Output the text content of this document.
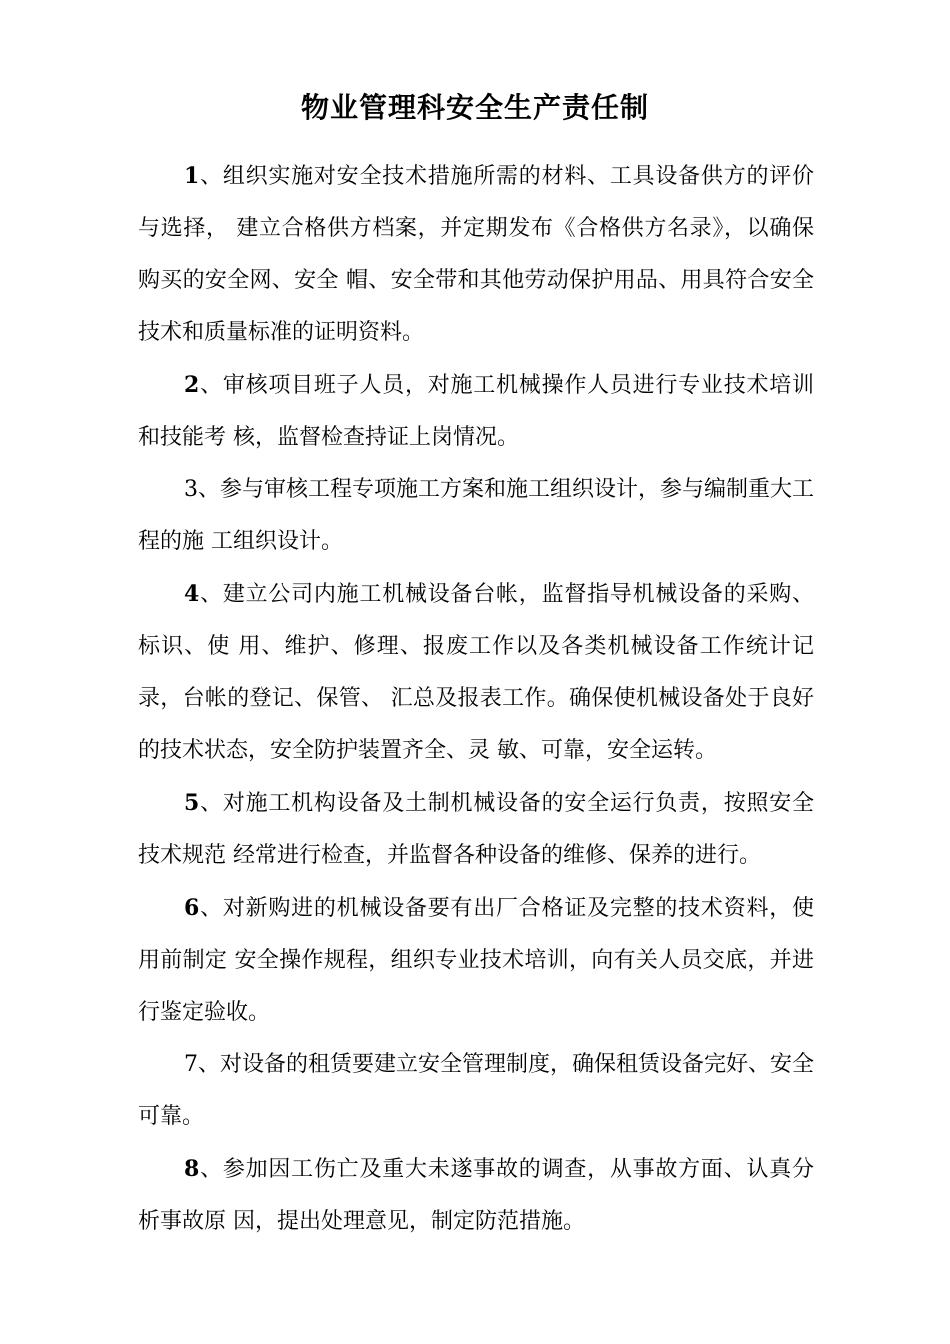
物业管理科安全生产责任制

1、组织实施对安全技术措施所需的材料、工具设备供方的评价与选择， 建立合格供方档案，并定期发布《合格供方名录》，以确保购买的安全网、安全 帽、安全带和其他劳动保护用品、用具符合安全技术和质量标准的证明资料。

2、审核项目班子人员，对施工机械操作人员进行专业技术培训和技能考 核，监督检查持证上岗情况。

3、参与审核工程专项施工方案和施工组织设计，参与编制重大工程的施 工组织设计。

4、建立公司内施工机械设备台帐，监督指导机械设备的采购、标识、使 用、维护、修理、报废工作以及各类机械设备工作统计记录，台帐的登记、保管、 汇总及报表工作。确保使机械设备处于良好的技术状态，安全防护装置齐全、灵 敏、可靠，安全运转。

5、对施工机构设备及土制机械设备的安全运行负责，按照安全技术规范 经常进行检查，并监督各种设备的维修、保养的进行。

6、对新购进的机械设备要有出厂合格证及完整的技术资料，使用前制定 安全操作规程，组织专业技术培训，向有关人员交底，并进行鉴定验收。

7、对设备的租赁要建立安全管理制度，确保租赁设备完好、安全可靠。

8、参加因工伤亡及重大未遂事故的调查，从事故方面、认真分析事故原 因，提出处理意见，制定防范措施。
